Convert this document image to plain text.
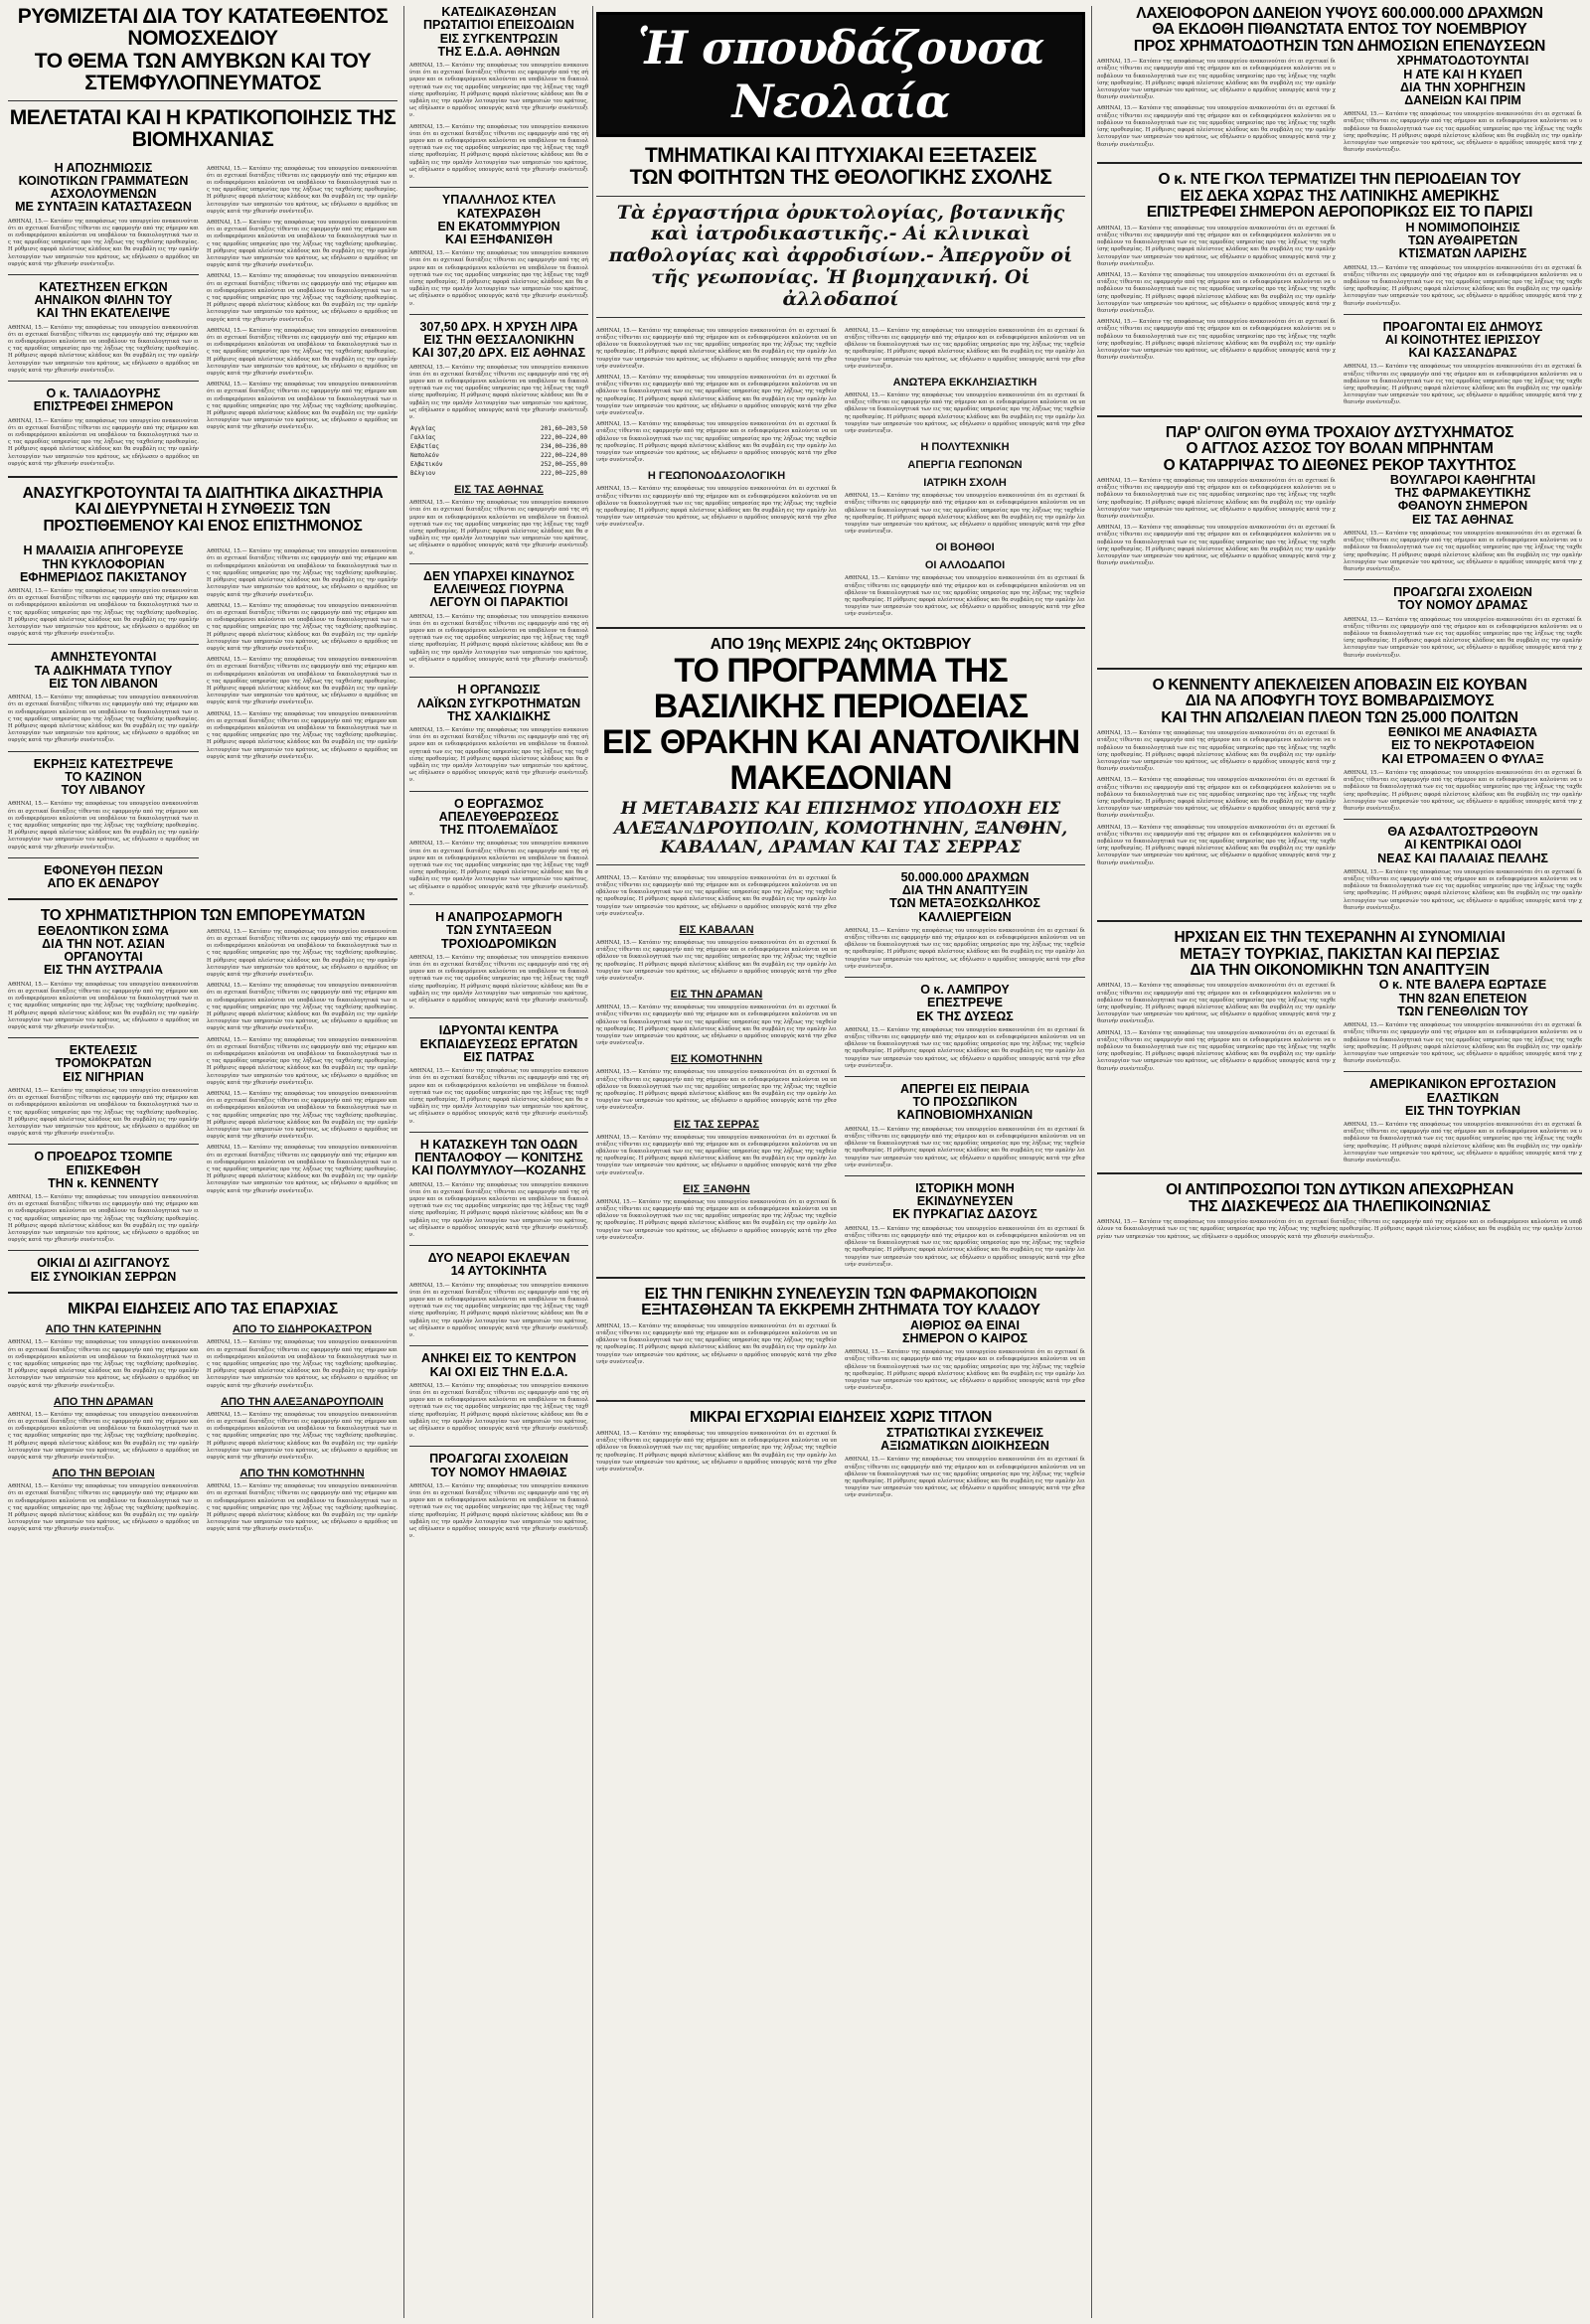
ΡΥΘΜΙΖΕΤΑΙ ΔΙΑ ΤΟΥ ΚΑΤΑΤΕΘΕΝΤΟΣ ΝΟΜΟΣΧΕΔΙΟΥ

ΤΟ ΘΕΜΑ ΤΩΝ ΑΜΥΒΚΩΝ ΚΑΙ ΤΟΥ ΣΤΕΜΦΥΛΟΠΝΕΥΜΑΤΟΣ

ΜΕΛΕΤΑΤΑΙ ΚΑΙ Η ΚΡΑΤΙΚΟΠΟΙΗΣΙΣ ΤΗΣ ΒΙΟΜΗΧΑΝΙΑΣ

Η ΑΠΟΖΗΜΙΩΣΙΣ

ΚΟΙΝΟΤΙΚΩΝ ΓΡΑΜΜΑΤΕΩΝ

ΑΣΧΟΛΟΥΜΕΝΩΝ

ΜΕ ΣΥΝΤΑΞΙΝ ΚΑΤΑΣΤΑΣΕΩΝ

ΑΘΗΝΑΙ, 15.— Κατόπιν της αποφάσεως του υπουργείου ανακοινούται ότι αι σχετικαί διατάξεις τίθενται εις εφαρμογήν από της σήμερον και οι ενδιαφερόμενοι καλούνται να υποβάλουν τα δικαιολογητικά των εις τας αρμοδίας υπηρεσίας προ της λήξεως της ταχθείσης προθεσμίας. Η ρύθμισις αφορά πλείστους κλάδους και θα συμβάλη εις την ομαλήν λειτουργίαν των υπηρεσιών του κράτους, ως εδήλωσεν ο αρμόδιος υπουργός κατά την χθεσινήν συνέντευξιν.

ΚΑΤΕΣΤΗΣΕΝ ΕΓΚΩΝ

ΑΗΝΑΙΚΟΝ ΦΙΛΗΝ ΤΟΥ

ΚΑΙ ΤΗΝ ΕΚΑΤΕΛΕΙΨΕ

ΑΘΗΝΑΙ, 15.— Κατόπιν της αποφάσεως του υπουργείου ανακοινούται ότι αι σχετικαί διατάξεις τίθενται εις εφαρμογήν από της σήμερον και οι ενδιαφερόμενοι καλούνται να υποβάλουν τα δικαιολογητικά των εις τας αρμοδίας υπηρεσίας προ της λήξεως της ταχθείσης προθεσμίας. Η ρύθμισις αφορά πλείστους κλάδους και θα συμβάλη εις την ομαλήν λειτουργίαν των υπηρεσιών του κράτους, ως εδήλωσεν ο αρμόδιος υπουργός κατά την χθεσινήν συνέντευξιν.

Ο κ. ΤΑΛΙΑΔΟΥΡΗΣ

ΕΠΙΣΤΡΕΦΕΙ ΣΗΜΕΡΟΝ

ΑΘΗΝΑΙ, 15.— Κατόπιν της αποφάσεως του υπουργείου ανακοινούται ότι αι σχετικαί διατάξεις τίθενται εις εφαρμογήν από της σήμερον και οι ενδιαφερόμενοι καλούνται να υποβάλουν τα δικαιολογητικά των εις τας αρμοδίας υπηρεσίας προ της λήξεως της ταχθείσης προθεσμίας. Η ρύθμισις αφορά πλείστους κλάδους και θα συμβάλη εις την ομαλήν λειτουργίαν των υπηρεσιών του κράτους, ως εδήλωσεν ο αρμόδιος υπουργός κατά την χθεσινήν συνέντευξιν.

ΑΘΗΝΑΙ, 15.— Κατόπιν της αποφάσεως του υπουργείου ανακοινούται ότι αι σχετικαί διατάξεις τίθενται εις εφαρμογήν από της σήμερον και οι ενδιαφερόμενοι καλούνται να υποβάλουν τα δικαιολογητικά των εις τας αρμοδίας υπηρεσίας προ της λήξεως της ταχθείσης προθεσμίας. Η ρύθμισις αφορά πλείστους κλάδους και θα συμβάλη εις την ομαλήν λειτουργίαν των υπηρεσιών του κράτους, ως εδήλωσεν ο αρμόδιος υπουργός κατά την χθεσινήν συνέντευξιν.

ΑΘΗΝΑΙ, 15.— Κατόπιν της αποφάσεως του υπουργείου ανακοινούται ότι αι σχετικαί διατάξεις τίθενται εις εφαρμογήν από της σήμερον και οι ενδιαφερόμενοι καλούνται να υποβάλουν τα δικαιολογητικά των εις τας αρμοδίας υπηρεσίας προ της λήξεως της ταχθείσης προθεσμίας. Η ρύθμισις αφορά πλείστους κλάδους και θα συμβάλη εις την ομαλήν λειτουργίαν των υπηρεσιών του κράτους, ως εδήλωσεν ο αρμόδιος υπουργός κατά την χθεσινήν συνέντευξιν.

ΑΘΗΝΑΙ, 15.— Κατόπιν της αποφάσεως του υπουργείου ανακοινούται ότι αι σχετικαί διατάξεις τίθενται εις εφαρμογήν από της σήμερον και οι ενδιαφερόμενοι καλούνται να υποβάλουν τα δικαιολογητικά των εις τας αρμοδίας υπηρεσίας προ της λήξεως της ταχθείσης προθεσμίας. Η ρύθμισις αφορά πλείστους κλάδους και θα συμβάλη εις την ομαλήν λειτουργίαν των υπηρεσιών του κράτους, ως εδήλωσεν ο αρμόδιος υπουργός κατά την χθεσινήν συνέντευξιν.

ΑΘΗΝΑΙ, 15.— Κατόπιν της αποφάσεως του υπουργείου ανακοινούται ότι αι σχετικαί διατάξεις τίθενται εις εφαρμογήν από της σήμερον και οι ενδιαφερόμενοι καλούνται να υποβάλουν τα δικαιολογητικά των εις τας αρμοδίας υπηρεσίας προ της λήξεως της ταχθείσης προθεσμίας. Η ρύθμισις αφορά πλείστους κλάδους και θα συμβάλη εις την ομαλήν λειτουργίαν των υπηρεσιών του κράτους, ως εδήλωσεν ο αρμόδιος υπουργός κατά την χθεσινήν συνέντευξιν.

ΑΘΗΝΑΙ, 15.— Κατόπιν της αποφάσεως του υπουργείου ανακοινούται ότι αι σχετικαί διατάξεις τίθενται εις εφαρμογήν από της σήμερον και οι ενδιαφερόμενοι καλούνται να υποβάλουν τα δικαιολογητικά των εις τας αρμοδίας υπηρεσίας προ της λήξεως της ταχθείσης προθεσμίας. Η ρύθμισις αφορά πλείστους κλάδους και θα συμβάλη εις την ομαλήν λειτουργίαν των υπηρεσιών του κράτους, ως εδήλωσεν ο αρμόδιος υπουργός κατά την χθεσινήν συνέντευξιν.

ΑΝΑΣΥΓΚΡΟΤΟΥΝΤΑΙ ΤΑ ΔΙΑΙΤΗΤΙΚΑ ΔΙΚΑΣΤΗΡΙΑ

ΚΑΙ ΔΙΕΥΡΥΝΕΤΑΙ Η ΣΥΝΘΕΣΙΣ ΤΩΝ

ΠΡΟΣΤΙΘΕΜΕΝΟΥ ΚΑΙ ΕΝΟΣ ΕΠΙΣΤΗΜΟΝΟΣ

Η ΜΑΛΑΙΣΙΑ ΑΠΗΓΟΡΕΥΣΕ

ΤΗΝ ΚΥΚΛΟΦΟΡΙΑΝ

ΕΦΗΜΕΡΙΔΟΣ ΠΑΚΙΣΤΑΝΟΥ

ΑΘΗΝΑΙ, 15.— Κατόπιν της αποφάσεως του υπουργείου ανακοινούται ότι αι σχετικαί διατάξεις τίθενται εις εφαρμογήν από της σήμερον και οι ενδιαφερόμενοι καλούνται να υποβάλουν τα δικαιολογητικά των εις τας αρμοδίας υπηρεσίας προ της λήξεως της ταχθείσης προθεσμίας. Η ρύθμισις αφορά πλείστους κλάδους και θα συμβάλη εις την ομαλήν λειτουργίαν των υπηρεσιών του κράτους, ως εδήλωσεν ο αρμόδιος υπουργός κατά την χθεσινήν συνέντευξιν.

ΑΜΝΗΣΤΕΥΟΝΤΑΙ

ΤΑ ΑΔΙΚΗΜΑΤΑ ΤΥΠΟΥ

ΕΙΣ ΤΟΝ ΛΙΒΑΝΟΝ

ΑΘΗΝΑΙ, 15.— Κατόπιν της αποφάσεως του υπουργείου ανακοινούται ότι αι σχετικαί διατάξεις τίθενται εις εφαρμογήν από της σήμερον και οι ενδιαφερόμενοι καλούνται να υποβάλουν τα δικαιολογητικά των εις τας αρμοδίας υπηρεσίας προ της λήξεως της ταχθείσης προθεσμίας. Η ρύθμισις αφορά πλείστους κλάδους και θα συμβάλη εις την ομαλήν λειτουργίαν των υπηρεσιών του κράτους, ως εδήλωσεν ο αρμόδιος υπουργός κατά την χθεσινήν συνέντευξιν.

ΕΚΡΗΞΙΣ ΚΑΤΕΣΤΡΕΨΕ

ΤΟ ΚΑΖΙΝΟΝ

ΤΟΥ ΛΙΒΑΝΟΥ

ΑΘΗΝΑΙ, 15.— Κατόπιν της αποφάσεως του υπουργείου ανακοινούται ότι αι σχετικαί διατάξεις τίθενται εις εφαρμογήν από της σήμερον και οι ενδιαφερόμενοι καλούνται να υποβάλουν τα δικαιολογητικά των εις τας αρμοδίας υπηρεσίας προ της λήξεως της ταχθείσης προθεσμίας. Η ρύθμισις αφορά πλείστους κλάδους και θα συμβάλη εις την ομαλήν λειτουργίαν των υπηρεσιών του κράτους, ως εδήλωσεν ο αρμόδιος υπουργός κατά την χθεσινήν συνέντευξιν.

ΕΦΟΝΕΥΘΗ ΠΕΣΩΝ

ΑΠΟ ΕΚ ΔΕΝΔΡΟΥ

ΑΘΗΝΑΙ, 15.— Κατόπιν της αποφάσεως του υπουργείου ανακοινούται ότι αι σχετικαί διατάξεις τίθενται εις εφαρμογήν από της σήμερον και οι ενδιαφερόμενοι καλούνται να υποβάλουν τα δικαιολογητικά των εις τας αρμοδίας υπηρεσίας προ της λήξεως της ταχθείσης προθεσμίας. Η ρύθμισις αφορά πλείστους κλάδους και θα συμβάλη εις την ομαλήν λειτουργίαν των υπηρεσιών του κράτους, ως εδήλωσεν ο αρμόδιος υπουργός κατά την χθεσινήν συνέντευξιν.

ΑΘΗΝΑΙ, 15.— Κατόπιν της αποφάσεως του υπουργείου ανακοινούται ότι αι σχετικαί διατάξεις τίθενται εις εφαρμογήν από της σήμερον και οι ενδιαφερόμενοι καλούνται να υποβάλουν τα δικαιολογητικά των εις τας αρμοδίας υπηρεσίας προ της λήξεως της ταχθείσης προθεσμίας. Η ρύθμισις αφορά πλείστους κλάδους και θα συμβάλη εις την ομαλήν λειτουργίαν των υπηρεσιών του κράτους, ως εδήλωσεν ο αρμόδιος υπουργός κατά την χθεσινήν συνέντευξιν.

ΑΘΗΝΑΙ, 15.— Κατόπιν της αποφάσεως του υπουργείου ανακοινούται ότι αι σχετικαί διατάξεις τίθενται εις εφαρμογήν από της σήμερον και οι ενδιαφερόμενοι καλούνται να υποβάλουν τα δικαιολογητικά των εις τας αρμοδίας υπηρεσίας προ της λήξεως της ταχθείσης προθεσμίας. Η ρύθμισις αφορά πλείστους κλάδους και θα συμβάλη εις την ομαλήν λειτουργίαν των υπηρεσιών του κράτους, ως εδήλωσεν ο αρμόδιος υπουργός κατά την χθεσινήν συνέντευξιν.

ΑΘΗΝΑΙ, 15.— Κατόπιν της αποφάσεως του υπουργείου ανακοινούται ότι αι σχετικαί διατάξεις τίθενται εις εφαρμογήν από της σήμερον και οι ενδιαφερόμενοι καλούνται να υποβάλουν τα δικαιολογητικά των εις τας αρμοδίας υπηρεσίας προ της λήξεως της ταχθείσης προθεσμίας. Η ρύθμισις αφορά πλείστους κλάδους και θα συμβάλη εις την ομαλήν λειτουργίαν των υπηρεσιών του κράτους, ως εδήλωσεν ο αρμόδιος υπουργός κατά την χθεσινήν συνέντευξιν.

ΤΟ ΧΡΗΜΑΤΙΣΤΗΡΙΟΝ ΤΩΝ ΕΜΠΟΡΕΥΜΑΤΩΝ

ΕΘΕΛΟΝΤΙΚΟΝ ΣΩΜΑ

ΔΙΑ ΤΗΝ ΝΟΤ. ΑΣΙΑΝ

ΟΡΓΑΝΟΥΤΑΙ

ΕΙΣ ΤΗΝ ΑΥΣΤΡΑΛΙΑ

ΑΘΗΝΑΙ, 15.— Κατόπιν της αποφάσεως του υπουργείου ανακοινούται ότι αι σχετικαί διατάξεις τίθενται εις εφαρμογήν από της σήμερον και οι ενδιαφερόμενοι καλούνται να υποβάλουν τα δικαιολογητικά των εις τας αρμοδίας υπηρεσίας προ της λήξεως της ταχθείσης προθεσμίας. Η ρύθμισις αφορά πλείστους κλάδους και θα συμβάλη εις την ομαλήν λειτουργίαν των υπηρεσιών του κράτους, ως εδήλωσεν ο αρμόδιος υπουργός κατά την χθεσινήν συνέντευξιν.

ΕΚΤΕΛΕΣΙΣ

ΤΡΟΜΟΚΡΑΤΩΝ

ΕΙΣ ΝΙΓΗΡΙΑΝ

ΑΘΗΝΑΙ, 15.— Κατόπιν της αποφάσεως του υπουργείου ανακοινούται ότι αι σχετικαί διατάξεις τίθενται εις εφαρμογήν από της σήμερον και οι ενδιαφερόμενοι καλούνται να υποβάλουν τα δικαιολογητικά των εις τας αρμοδίας υπηρεσίας προ της λήξεως της ταχθείσης προθεσμίας. Η ρύθμισις αφορά πλείστους κλάδους και θα συμβάλη εις την ομαλήν λειτουργίαν των υπηρεσιών του κράτους, ως εδήλωσεν ο αρμόδιος υπουργός κατά την χθεσινήν συνέντευξιν.

Ο ΠΡΟΕΔΡΟΣ ΤΣΟΜΠΕ

ΕΠΙΣΚΕΦΘΗ

ΤΗΝ κ. ΚΕΝΝΕΝΤΥ

ΑΘΗΝΑΙ, 15.— Κατόπιν της αποφάσεως του υπουργείου ανακοινούται ότι αι σχετικαί διατάξεις τίθενται εις εφαρμογήν από της σήμερον και οι ενδιαφερόμενοι καλούνται να υποβάλουν τα δικαιολογητικά των εις τας αρμοδίας υπηρεσίας προ της λήξεως της ταχθείσης προθεσμίας. Η ρύθμισις αφορά πλείστους κλάδους και θα συμβάλη εις την ομαλήν λειτουργίαν των υπηρεσιών του κράτους, ως εδήλωσεν ο αρμόδιος υπουργός κατά την χθεσινήν συνέντευξιν.

ΟΙΚΙΑΙ ΔΙ ΑΣΙΓΓΑΝΟΥΣ

ΕΙΣ ΣΥΝΟΙΚΙΑΝ ΣΕΡΡΩΝ

ΑΘΗΝΑΙ, 15.— Κατόπιν της αποφάσεως του υπουργείου ανακοινούται ότι αι σχετικαί διατάξεις τίθενται εις εφαρμογήν από της σήμερον και οι ενδιαφερόμενοι καλούνται να υποβάλουν τα δικαιολογητικά των εις τας αρμοδίας υπηρεσίας προ της λήξεως της ταχθείσης προθεσμίας. Η ρύθμισις αφορά πλείστους κλάδους και θα συμβάλη εις την ομαλήν λειτουργίαν των υπηρεσιών του κράτους, ως εδήλωσεν ο αρμόδιος υπουργός κατά την χθεσινήν συνέντευξιν.

ΑΘΗΝΑΙ, 15.— Κατόπιν της αποφάσεως του υπουργείου ανακοινούται ότι αι σχετικαί διατάξεις τίθενται εις εφαρμογήν από της σήμερον και οι ενδιαφερόμενοι καλούνται να υποβάλουν τα δικαιολογητικά των εις τας αρμοδίας υπηρεσίας προ της λήξεως της ταχθείσης προθεσμίας. Η ρύθμισις αφορά πλείστους κλάδους και θα συμβάλη εις την ομαλήν λειτουργίαν των υπηρεσιών του κράτους, ως εδήλωσεν ο αρμόδιος υπουργός κατά την χθεσινήν συνέντευξιν.

ΑΘΗΝΑΙ, 15.— Κατόπιν της αποφάσεως του υπουργείου ανακοινούται ότι αι σχετικαί διατάξεις τίθενται εις εφαρμογήν από της σήμερον και οι ενδιαφερόμενοι καλούνται να υποβάλουν τα δικαιολογητικά των εις τας αρμοδίας υπηρεσίας προ της λήξεως της ταχθείσης προθεσμίας. Η ρύθμισις αφορά πλείστους κλάδους και θα συμβάλη εις την ομαλήν λειτουργίαν των υπηρεσιών του κράτους, ως εδήλωσεν ο αρμόδιος υπουργός κατά την χθεσινήν συνέντευξιν.

ΑΘΗΝΑΙ, 15.— Κατόπιν της αποφάσεως του υπουργείου ανακοινούται ότι αι σχετικαί διατάξεις τίθενται εις εφαρμογήν από της σήμερον και οι ενδιαφερόμενοι καλούνται να υποβάλουν τα δικαιολογητικά των εις τας αρμοδίας υπηρεσίας προ της λήξεως της ταχθείσης προθεσμίας. Η ρύθμισις αφορά πλείστους κλάδους και θα συμβάλη εις την ομαλήν λειτουργίαν των υπηρεσιών του κράτους, ως εδήλωσεν ο αρμόδιος υπουργός κατά την χθεσινήν συνέντευξιν.

ΑΘΗΝΑΙ, 15.— Κατόπιν της αποφάσεως του υπουργείου ανακοινούται ότι αι σχετικαί διατάξεις τίθενται εις εφαρμογήν από της σήμερον και οι ενδιαφερόμενοι καλούνται να υποβάλουν τα δικαιολογητικά των εις τας αρμοδίας υπηρεσίας προ της λήξεως της ταχθείσης προθεσμίας. Η ρύθμισις αφορά πλείστους κλάδους και θα συμβάλη εις την ομαλήν λειτουργίαν των υπηρεσιών του κράτους, ως εδήλωσεν ο αρμόδιος υπουργός κατά την χθεσινήν συνέντευξιν.

ΜΙΚΡΑΙ ΕΙΔΗΣΕΙΣ ΑΠΟ ΤΑΣ ΕΠΑΡΧΙΑΣ

ΑΠΟ ΤΗΝ ΚΑΤΕΡΙΝΗΝ

ΑΘΗΝΑΙ, 15.— Κατόπιν της αποφάσεως του υπουργείου ανακοινούται ότι αι σχετικαί διατάξεις τίθενται εις εφαρμογήν από της σήμερον και οι ενδιαφερόμενοι καλούνται να υποβάλουν τα δικαιολογητικά των εις τας αρμοδίας υπηρεσίας προ της λήξεως της ταχθείσης προθεσμίας. Η ρύθμισις αφορά πλείστους κλάδους και θα συμβάλη εις την ομαλήν λειτουργίαν των υπηρεσιών του κράτους, ως εδήλωσεν ο αρμόδιος υπουργός κατά την χθεσινήν συνέντευξιν.

ΑΠΟ ΤΗΝ ΔΡΑΜΑΝ

ΑΘΗΝΑΙ, 15.— Κατόπιν της αποφάσεως του υπουργείου ανακοινούται ότι αι σχετικαί διατάξεις τίθενται εις εφαρμογήν από της σήμερον και οι ενδιαφερόμενοι καλούνται να υποβάλουν τα δικαιολογητικά των εις τας αρμοδίας υπηρεσίας προ της λήξεως της ταχθείσης προθεσμίας. Η ρύθμισις αφορά πλείστους κλάδους και θα συμβάλη εις την ομαλήν λειτουργίαν των υπηρεσιών του κράτους, ως εδήλωσεν ο αρμόδιος υπουργός κατά την χθεσινήν συνέντευξιν.

ΑΠΟ ΤΗΝ ΒΕΡΟΙΑΝ

ΑΘΗΝΑΙ, 15.— Κατόπιν της αποφάσεως του υπουργείου ανακοινούται ότι αι σχετικαί διατάξεις τίθενται εις εφαρμογήν από της σήμερον και οι ενδιαφερόμενοι καλούνται να υποβάλουν τα δικαιολογητικά των εις τας αρμοδίας υπηρεσίας προ της λήξεως της ταχθείσης προθεσμίας. Η ρύθμισις αφορά πλείστους κλάδους και θα συμβάλη εις την ομαλήν λειτουργίαν των υπηρεσιών του κράτους, ως εδήλωσεν ο αρμόδιος υπουργός κατά την χθεσινήν συνέντευξιν.

ΑΠΟ ΤΟ ΣΙΔΗΡΟΚΑΣΤΡΟΝ

ΑΘΗΝΑΙ, 15.— Κατόπιν της αποφάσεως του υπουργείου ανακοινούται ότι αι σχετικαί διατάξεις τίθενται εις εφαρμογήν από της σήμερον και οι ενδιαφερόμενοι καλούνται να υποβάλουν τα δικαιολογητικά των εις τας αρμοδίας υπηρεσίας προ της λήξεως της ταχθείσης προθεσμίας. Η ρύθμισις αφορά πλείστους κλάδους και θα συμβάλη εις την ομαλήν λειτουργίαν των υπηρεσιών του κράτους, ως εδήλωσεν ο αρμόδιος υπουργός κατά την χθεσινήν συνέντευξιν.

ΑΠΟ ΤΗΝ ΑΛΕΞΑΝΔΡΟΥΠΟΛΙΝ

ΑΘΗΝΑΙ, 15.— Κατόπιν της αποφάσεως του υπουργείου ανακοινούται ότι αι σχετικαί διατάξεις τίθενται εις εφαρμογήν από της σήμερον και οι ενδιαφερόμενοι καλούνται να υποβάλουν τα δικαιολογητικά των εις τας αρμοδίας υπηρεσίας προ της λήξεως της ταχθείσης προθεσμίας. Η ρύθμισις αφορά πλείστους κλάδους και θα συμβάλη εις την ομαλήν λειτουργίαν των υπηρεσιών του κράτους, ως εδήλωσεν ο αρμόδιος υπουργός κατά την χθεσινήν συνέντευξιν.

ΑΠΟ ΤΗΝ ΚΟΜΟΤΗΝΗΝ

ΑΘΗΝΑΙ, 15.— Κατόπιν της αποφάσεως του υπουργείου ανακοινούται ότι αι σχετικαί διατάξεις τίθενται εις εφαρμογήν από της σήμερον και οι ενδιαφερόμενοι καλούνται να υποβάλουν τα δικαιολογητικά των εις τας αρμοδίας υπηρεσίας προ της λήξεως της ταχθείσης προθεσμίας. Η ρύθμισις αφορά πλείστους κλάδους και θα συμβάλη εις την ομαλήν λειτουργίαν των υπηρεσιών του κράτους, ως εδήλωσεν ο αρμόδιος υπουργός κατά την χθεσινήν συνέντευξιν.

ΚΑΤΕΔΙΚΑΣΘΗΣΑΝ

ΠΡΩΤΑΙΤΙΟΙ ΕΠΕΙΣΟΔΙΩΝ

ΕΙΣ ΣΥΓΚΕΝΤΡΩΣΙΝ

ΤΗΣ Ε.Δ.Α. ΑΘΗΝΩΝ

ΑΘΗΝΑΙ, 15.— Κατόπιν της αποφάσεως του υπουργείου ανακοινούται ότι αι σχετικαί διατάξεις τίθενται εις εφαρμογήν από της σήμερον και οι ενδιαφερόμενοι καλούνται να υποβάλουν τα δικαιολογητικά των εις τας αρμοδίας υπηρεσίας προ της λήξεως της ταχθείσης προθεσμίας. Η ρύθμισις αφορά πλείστους κλάδους και θα συμβάλη εις την ομαλήν λειτουργίαν των υπηρεσιών του κράτους, ως εδήλωσεν ο αρμόδιος υπουργός κατά την χθεσινήν συνέντευξιν.

ΑΘΗΝΑΙ, 15.— Κατόπιν της αποφάσεως του υπουργείου ανακοινούται ότι αι σχετικαί διατάξεις τίθενται εις εφαρμογήν από της σήμερον και οι ενδιαφερόμενοι καλούνται να υποβάλουν τα δικαιολογητικά των εις τας αρμοδίας υπηρεσίας προ της λήξεως της ταχθείσης προθεσμίας. Η ρύθμισις αφορά πλείστους κλάδους και θα συμβάλη εις την ομαλήν λειτουργίαν των υπηρεσιών του κράτους, ως εδήλωσεν ο αρμόδιος υπουργός κατά την χθεσινήν συνέντευξιν.

ΥΠΑΛΛΗΛΟΣ ΚΤΕΛ

ΚΑΤΕΧΡΑΣΘΗ

ΕΝ ΕΚΑΤΟΜΜΥΡΙΟΝ

ΚΑΙ ΕΞΗΦΑΝΙΣΘΗ

ΑΘΗΝΑΙ, 15.— Κατόπιν της αποφάσεως του υπουργείου ανακοινούται ότι αι σχετικαί διατάξεις τίθενται εις εφαρμογήν από της σήμερον και οι ενδιαφερόμενοι καλούνται να υποβάλουν τα δικαιολογητικά των εις τας αρμοδίας υπηρεσίας προ της λήξεως της ταχθείσης προθεσμίας. Η ρύθμισις αφορά πλείστους κλάδους και θα συμβάλη εις την ομαλήν λειτουργίαν των υπηρεσιών του κράτους, ως εδήλωσεν ο αρμόδιος υπουργός κατά την χθεσινήν συνέντευξιν.

307,50 ΔΡΧ. Η ΧΡΥΣΗ ΛΙΡΑ

ΕΙΣ ΤΗΝ ΘΕΣΣΑΛΟΝΙΚΗΝ

ΚΑΙ 307,20 ΔΡΧ. ΕΙΣ ΑΘΗΝΑΣ

ΑΘΗΝΑΙ, 15.— Κατόπιν της αποφάσεως του υπουργείου ανακοινούται ότι αι σχετικαί διατάξεις τίθενται εις εφαρμογήν από της σήμερον και οι ενδιαφερόμενοι καλούνται να υποβάλουν τα δικαιολογητικά των εις τας αρμοδίας υπηρεσίας προ της λήξεως της ταχθείσης προθεσμίας. Η ρύθμισις αφορά πλείστους κλάδους και θα συμβάλη εις την ομαλήν λειτουργίαν των υπηρεσιών του κράτους, ως εδήλωσεν ο αρμόδιος υπουργός κατά την χθεσινήν συνέντευξιν.

Αγγλίας	201,60—203,50
Γαλλίας	222,00—224,00
Ελβετίας	234,00—236,00
Ναπολεόν	222,00—224,00
Ελβετικόν	252,00—255,00
Βέλγιον	222,00—225,00

ΕΙΣ ΤΑΣ ΑΘΗΝΑΣ

ΑΘΗΝΑΙ, 15.— Κατόπιν της αποφάσεως του υπουργείου ανακοινούται ότι αι σχετικαί διατάξεις τίθενται εις εφαρμογήν από της σήμερον και οι ενδιαφερόμενοι καλούνται να υποβάλουν τα δικαιολογητικά των εις τας αρμοδίας υπηρεσίας προ της λήξεως της ταχθείσης προθεσμίας. Η ρύθμισις αφορά πλείστους κλάδους και θα συμβάλη εις την ομαλήν λειτουργίαν των υπηρεσιών του κράτους, ως εδήλωσεν ο αρμόδιος υπουργός κατά την χθεσινήν συνέντευξιν.

ΔΕΝ ΥΠΑΡΧΕΙ ΚΙΝΔΥΝΟΣ

ΕΛΛΕΙΨΕΩΣ ΓΙΟΥΡΝΑ

ΛΕΓΟΥΝ ΟΙ ΠΑΡΑΚΤΙΟΙ

ΑΘΗΝΑΙ, 15.— Κατόπιν της αποφάσεως του υπουργείου ανακοινούται ότι αι σχετικαί διατάξεις τίθενται εις εφαρμογήν από της σήμερον και οι ενδιαφερόμενοι καλούνται να υποβάλουν τα δικαιολογητικά των εις τας αρμοδίας υπηρεσίας προ της λήξεως της ταχθείσης προθεσμίας. Η ρύθμισις αφορά πλείστους κλάδους και θα συμβάλη εις την ομαλήν λειτουργίαν των υπηρεσιών του κράτους, ως εδήλωσεν ο αρμόδιος υπουργός κατά την χθεσινήν συνέντευξιν.

Η ΟΡΓΑΝΩΣΙΣ

ΛΑΪΚΩΝ ΣΥΓΚΡΟΤΗΜΑΤΩΝ

ΤΗΣ ΧΑΛΚΙΔΙΚΗΣ

ΑΘΗΝΑΙ, 15.— Κατόπιν της αποφάσεως του υπουργείου ανακοινούται ότι αι σχετικαί διατάξεις τίθενται εις εφαρμογήν από της σήμερον και οι ενδιαφερόμενοι καλούνται να υποβάλουν τα δικαιολογητικά των εις τας αρμοδίας υπηρεσίας προ της λήξεως της ταχθείσης προθεσμίας. Η ρύθμισις αφορά πλείστους κλάδους και θα συμβάλη εις την ομαλήν λειτουργίαν των υπηρεσιών του κράτους, ως εδήλωσεν ο αρμόδιος υπουργός κατά την χθεσινήν συνέντευξιν.

Ο ΕΟΡΓΑΣΜΟΣ

ΑΠΕΛΕΥΘΕΡΩΣΕΩΣ

ΤΗΣ ΠΤΟΛΕΜΑΪΔΟΣ

ΑΘΗΝΑΙ, 15.— Κατόπιν της αποφάσεως του υπουργείου ανακοινούται ότι αι σχετικαί διατάξεις τίθενται εις εφαρμογήν από της σήμερον και οι ενδιαφερόμενοι καλούνται να υποβάλουν τα δικαιολογητικά των εις τας αρμοδίας υπηρεσίας προ της λήξεως της ταχθείσης προθεσμίας. Η ρύθμισις αφορά πλείστους κλάδους και θα συμβάλη εις την ομαλήν λειτουργίαν των υπηρεσιών του κράτους, ως εδήλωσεν ο αρμόδιος υπουργός κατά την χθεσινήν συνέντευξιν.

Η ΑΝΑΠΡΟΣΑΡΜΟΓΗ

ΤΩΝ ΣΥΝΤΑΞΕΩΝ

ΤΡΟΧΙΟΔΡΟΜΙΚΩΝ

ΑΘΗΝΑΙ, 15.— Κατόπιν της αποφάσεως του υπουργείου ανακοινούται ότι αι σχετικαί διατάξεις τίθενται εις εφαρμογήν από της σήμερον και οι ενδιαφερόμενοι καλούνται να υποβάλουν τα δικαιολογητικά των εις τας αρμοδίας υπηρεσίας προ της λήξεως της ταχθείσης προθεσμίας. Η ρύθμισις αφορά πλείστους κλάδους και θα συμβάλη εις την ομαλήν λειτουργίαν των υπηρεσιών του κράτους, ως εδήλωσεν ο αρμόδιος υπουργός κατά την χθεσινήν συνέντευξιν.

ΙΔΡΥΟΝΤΑΙ ΚΕΝΤΡΑ

ΕΚΠΑΙΔΕΥΣΕΩΣ ΕΡΓΑΤΩΝ

ΕΙΣ ΠΑΤΡΑΣ

ΑΘΗΝΑΙ, 15.— Κατόπιν της αποφάσεως του υπουργείου ανακοινούται ότι αι σχετικαί διατάξεις τίθενται εις εφαρμογήν από της σήμερον και οι ενδιαφερόμενοι καλούνται να υποβάλουν τα δικαιολογητικά των εις τας αρμοδίας υπηρεσίας προ της λήξεως της ταχθείσης προθεσμίας. Η ρύθμισις αφορά πλείστους κλάδους και θα συμβάλη εις την ομαλήν λειτουργίαν των υπηρεσιών του κράτους, ως εδήλωσεν ο αρμόδιος υπουργός κατά την χθεσινήν συνέντευξιν.

Η ΚΑΤΑΣΚΕΥΗ ΤΩΝ ΟΔΩΝ

ΠΕΝΤΑΛΟΦΟΥ — ΚΟΝΙΤΣΗΣ

ΚΑΙ ΠΟΛΥΜΥΛΟΥ—ΚΟΖΑΝΗΣ

ΑΘΗΝΑΙ, 15.— Κατόπιν της αποφάσεως του υπουργείου ανακοινούται ότι αι σχετικαί διατάξεις τίθενται εις εφαρμογήν από της σήμερον και οι ενδιαφερόμενοι καλούνται να υποβάλουν τα δικαιολογητικά των εις τας αρμοδίας υπηρεσίας προ της λήξεως της ταχθείσης προθεσμίας. Η ρύθμισις αφορά πλείστους κλάδους και θα συμβάλη εις την ομαλήν λειτουργίαν των υπηρεσιών του κράτους, ως εδήλωσεν ο αρμόδιος υπουργός κατά την χθεσινήν συνέντευξιν.

ΔΥΟ ΝΕΑΡΟΙ ΕΚΛΕΨΑΝ

14 ΑΥΤΟΚΙΝΗΤΑ

ΑΘΗΝΑΙ, 15.— Κατόπιν της αποφάσεως του υπουργείου ανακοινούται ότι αι σχετικαί διατάξεις τίθενται εις εφαρμογήν από της σήμερον και οι ενδιαφερόμενοι καλούνται να υποβάλουν τα δικαιολογητικά των εις τας αρμοδίας υπηρεσίας προ της λήξεως της ταχθείσης προθεσμίας. Η ρύθμισις αφορά πλείστους κλάδους και θα συμβάλη εις την ομαλήν λειτουργίαν των υπηρεσιών του κράτους, ως εδήλωσεν ο αρμόδιος υπουργός κατά την χθεσινήν συνέντευξιν.

ΑΝΗΚΕΙ ΕΙΣ ΤΟ ΚΕΝΤΡΟΝ

ΚΑΙ ΟΧΙ ΕΙΣ ΤΗΝ Ε.Δ.Α.

ΑΘΗΝΑΙ, 15.— Κατόπιν της αποφάσεως του υπουργείου ανακοινούται ότι αι σχετικαί διατάξεις τίθενται εις εφαρμογήν από της σήμερον και οι ενδιαφερόμενοι καλούνται να υποβάλουν τα δικαιολογητικά των εις τας αρμοδίας υπηρεσίας προ της λήξεως της ταχθείσης προθεσμίας. Η ρύθμισις αφορά πλείστους κλάδους και θα συμβάλη εις την ομαλήν λειτουργίαν των υπηρεσιών του κράτους, ως εδήλωσεν ο αρμόδιος υπουργός κατά την χθεσινήν συνέντευξιν.

ΠΡΟΑΓΩΓΑΙ ΣΧΟΛΕΙΩΝ

ΤΟΥ ΝΟΜΟΥ ΗΜΑΘΙΑΣ

ΑΘΗΝΑΙ, 15.— Κατόπιν της αποφάσεως του υπουργείου ανακοινούται ότι αι σχετικαί διατάξεις τίθενται εις εφαρμογήν από της σήμερον και οι ενδιαφερόμενοι καλούνται να υποβάλουν τα δικαιολογητικά των εις τας αρμοδίας υπηρεσίας προ της λήξεως της ταχθείσης προθεσμίας. Η ρύθμισις αφορά πλείστους κλάδους και θα συμβάλη εις την ομαλήν λειτουργίαν των υπηρεσιών του κράτους, ως εδήλωσεν ο αρμόδιος υπουργός κατά την χθεσινήν συνέντευξιν.

Ἡ σπουδάζουσα Νεολαία

ΤΜΗΜΑΤΙΚΑΙ ΚΑΙ ΠΤΥΧΙΑΚΑΙ ΕΞΕΤΑΣΕΙΣ

ΤΩΝ ΦΟΙΤΗΤΩΝ ΤΗΣ ΘΕΟΛΟΓΙΚΗΣ ΣΧΟΛΗΣ

Τὰ ἐργαστήρια ὀρυκτολογίας, βοτανικῆς καὶ ἰατροδικαστικῆς.- Αἱ κλινικαὶ παθολογίας καὶ ἀφροδισίων.- Ἀπεργοῦν οἱ τῆς γεωπονίας. Ἡ βιομηχανική. Οἱ ἀλλοδαποί

ΑΘΗΝΑΙ, 15.— Κατόπιν της αποφάσεως του υπουργείου ανακοινούται ότι αι σχετικαί διατάξεις τίθενται εις εφαρμογήν από της σήμερον και οι ενδιαφερόμενοι καλούνται να υποβάλουν τα δικαιολογητικά των εις τας αρμοδίας υπηρεσίας προ της λήξεως της ταχθείσης προθεσμίας. Η ρύθμισις αφορά πλείστους κλάδους και θα συμβάλη εις την ομαλήν λειτουργίαν των υπηρεσιών του κράτους, ως εδήλωσεν ο αρμόδιος υπουργός κατά την χθεσινήν συνέντευξιν.

ΑΘΗΝΑΙ, 15.— Κατόπιν της αποφάσεως του υπουργείου ανακοινούται ότι αι σχετικαί διατάξεις τίθενται εις εφαρμογήν από της σήμερον και οι ενδιαφερόμενοι καλούνται να υποβάλουν τα δικαιολογητικά των εις τας αρμοδίας υπηρεσίας προ της λήξεως της ταχθείσης προθεσμίας. Η ρύθμισις αφορά πλείστους κλάδους και θα συμβάλη εις την ομαλήν λειτουργίαν των υπηρεσιών του κράτους, ως εδήλωσεν ο αρμόδιος υπουργός κατά την χθεσινήν συνέντευξιν.

ΑΘΗΝΑΙ, 15.— Κατόπιν της αποφάσεως του υπουργείου ανακοινούται ότι αι σχετικαί διατάξεις τίθενται εις εφαρμογήν από της σήμερον και οι ενδιαφερόμενοι καλούνται να υποβάλουν τα δικαιολογητικά των εις τας αρμοδίας υπηρεσίας προ της λήξεως της ταχθείσης προθεσμίας. Η ρύθμισις αφορά πλείστους κλάδους και θα συμβάλη εις την ομαλήν λειτουργίαν των υπηρεσιών του κράτους, ως εδήλωσεν ο αρμόδιος υπουργός κατά την χθεσινήν συνέντευξιν.

Η ΓΕΩΠΟΝΟΔΑΣΟΛΟΓΙΚΗ

ΑΘΗΝΑΙ, 15.— Κατόπιν της αποφάσεως του υπουργείου ανακοινούται ότι αι σχετικαί διατάξεις τίθενται εις εφαρμογήν από της σήμερον και οι ενδιαφερόμενοι καλούνται να υποβάλουν τα δικαιολογητικά των εις τας αρμοδίας υπηρεσίας προ της λήξεως της ταχθείσης προθεσμίας. Η ρύθμισις αφορά πλείστους κλάδους και θα συμβάλη εις την ομαλήν λειτουργίαν των υπηρεσιών του κράτους, ως εδήλωσεν ο αρμόδιος υπουργός κατά την χθεσινήν συνέντευξιν.

ΑΘΗΝΑΙ, 15.— Κατόπιν της αποφάσεως του υπουργείου ανακοινούται ότι αι σχετικαί διατάξεις τίθενται εις εφαρμογήν από της σήμερον και οι ενδιαφερόμενοι καλούνται να υποβάλουν τα δικαιολογητικά των εις τας αρμοδίας υπηρεσίας προ της λήξεως της ταχθείσης προθεσμίας. Η ρύθμισις αφορά πλείστους κλάδους και θα συμβάλη εις την ομαλήν λειτουργίαν των υπηρεσιών του κράτους, ως εδήλωσεν ο αρμόδιος υπουργός κατά την χθεσινήν συνέντευξιν.

ΑΝΩΤΕΡΑ ΕΚΚΛΗΣΙΑΣΤΙΚΗ

ΑΘΗΝΑΙ, 15.— Κατόπιν της αποφάσεως του υπουργείου ανακοινούται ότι αι σχετικαί διατάξεις τίθενται εις εφαρμογήν από της σήμερον και οι ενδιαφερόμενοι καλούνται να υποβάλουν τα δικαιολογητικά των εις τας αρμοδίας υπηρεσίας προ της λήξεως της ταχθείσης προθεσμίας. Η ρύθμισις αφορά πλείστους κλάδους και θα συμβάλη εις την ομαλήν λειτουργίαν των υπηρεσιών του κράτους, ως εδήλωσεν ο αρμόδιος υπουργός κατά την χθεσινήν συνέντευξιν.

Η ΠΟΛΥΤΕΧΝΙΚΗ

ΑΠΕΡΓΙΑ ΓΕΩΠΟΝΩΝ

ΙΑΤΡΙΚΗ ΣΧΟΛΗ

ΑΘΗΝΑΙ, 15.— Κατόπιν της αποφάσεως του υπουργείου ανακοινούται ότι αι σχετικαί διατάξεις τίθενται εις εφαρμογήν από της σήμερον και οι ενδιαφερόμενοι καλούνται να υποβάλουν τα δικαιολογητικά των εις τας αρμοδίας υπηρεσίας προ της λήξεως της ταχθείσης προθεσμίας. Η ρύθμισις αφορά πλείστους κλάδους και θα συμβάλη εις την ομαλήν λειτουργίαν των υπηρεσιών του κράτους, ως εδήλωσεν ο αρμόδιος υπουργός κατά την χθεσινήν συνέντευξιν.

ΟΙ ΒΟΗΘΟΙ

ΟΙ ΑΛΛΟΔΑΠΟΙ

ΑΘΗΝΑΙ, 15.— Κατόπιν της αποφάσεως του υπουργείου ανακοινούται ότι αι σχετικαί διατάξεις τίθενται εις εφαρμογήν από της σήμερον και οι ενδιαφερόμενοι καλούνται να υποβάλουν τα δικαιολογητικά των εις τας αρμοδίας υπηρεσίας προ της λήξεως της ταχθείσης προθεσμίας. Η ρύθμισις αφορά πλείστους κλάδους και θα συμβάλη εις την ομαλήν λειτουργίαν των υπηρεσιών του κράτους, ως εδήλωσεν ο αρμόδιος υπουργός κατά την χθεσινήν συνέντευξιν.

ΑΠΟ 19ης ΜΕΧΡΙΣ 24ης ΟΚΤΩΒΡΙΟΥ

ΤΟ ΠΡΟΓΡΑΜΜΑ ΤΗΣ ΒΑΣΙΛΙΚΗΣ ΠΕΡΙΟΔΕΙΑΣ

ΕΙΣ ΘΡΑΚΗΝ ΚΑΙ ΑΝΑΤΟΛΙΚΗΝ ΜΑΚΕΔΟΝΙΑΝ

Η ΜΕΤΑΒΑΣΙΣ ΚΑΙ ΕΠΙΣΗΜΟΣ ΥΠΟΔΟΧΗ ΕΙΣ ΑΛΕΞΑΝΔΡΟΥΠΟΛΙΝ, ΚΟΜΟΤΗΝΗΝ, ΞΑΝΘΗΝ, ΚΑΒΑΛΑΝ, ΔΡΑΜΑΝ ΚΑΙ ΤΑΣ ΣΕΡΡΑΣ

ΑΘΗΝΑΙ, 15.— Κατόπιν της αποφάσεως του υπουργείου ανακοινούται ότι αι σχετικαί διατάξεις τίθενται εις εφαρμογήν από της σήμερον και οι ενδιαφερόμενοι καλούνται να υποβάλουν τα δικαιολογητικά των εις τας αρμοδίας υπηρεσίας προ της λήξεως της ταχθείσης προθεσμίας. Η ρύθμισις αφορά πλείστους κλάδους και θα συμβάλη εις την ομαλήν λειτουργίαν των υπηρεσιών του κράτους, ως εδήλωσεν ο αρμόδιος υπουργός κατά την χθεσινήν συνέντευξιν.

ΕΙΣ ΚΑΒΑΛΑΝ

ΑΘΗΝΑΙ, 15.— Κατόπιν της αποφάσεως του υπουργείου ανακοινούται ότι αι σχετικαί διατάξεις τίθενται εις εφαρμογήν από της σήμερον και οι ενδιαφερόμενοι καλούνται να υποβάλουν τα δικαιολογητικά των εις τας αρμοδίας υπηρεσίας προ της λήξεως της ταχθείσης προθεσμίας. Η ρύθμισις αφορά πλείστους κλάδους και θα συμβάλη εις την ομαλήν λειτουργίαν των υπηρεσιών του κράτους, ως εδήλωσεν ο αρμόδιος υπουργός κατά την χθεσινήν συνέντευξιν.

ΕΙΣ ΤΗΝ ΔΡΑΜΑΝ

ΑΘΗΝΑΙ, 15.— Κατόπιν της αποφάσεως του υπουργείου ανακοινούται ότι αι σχετικαί διατάξεις τίθενται εις εφαρμογήν από της σήμερον και οι ενδιαφερόμενοι καλούνται να υποβάλουν τα δικαιολογητικά των εις τας αρμοδίας υπηρεσίας προ της λήξεως της ταχθείσης προθεσμίας. Η ρύθμισις αφορά πλείστους κλάδους και θα συμβάλη εις την ομαλήν λειτουργίαν των υπηρεσιών του κράτους, ως εδήλωσεν ο αρμόδιος υπουργός κατά την χθεσινήν συνέντευξιν.

ΕΙΣ ΚΟΜΟΤΗΝΗΝ

ΑΘΗΝΑΙ, 15.— Κατόπιν της αποφάσεως του υπουργείου ανακοινούται ότι αι σχετικαί διατάξεις τίθενται εις εφαρμογήν από της σήμερον και οι ενδιαφερόμενοι καλούνται να υποβάλουν τα δικαιολογητικά των εις τας αρμοδίας υπηρεσίας προ της λήξεως της ταχθείσης προθεσμίας. Η ρύθμισις αφορά πλείστους κλάδους και θα συμβάλη εις την ομαλήν λειτουργίαν των υπηρεσιών του κράτους, ως εδήλωσεν ο αρμόδιος υπουργός κατά την χθεσινήν συνέντευξιν.

ΕΙΣ ΤΑΣ ΣΕΡΡΑΣ

ΑΘΗΝΑΙ, 15.— Κατόπιν της αποφάσεως του υπουργείου ανακοινούται ότι αι σχετικαί διατάξεις τίθενται εις εφαρμογήν από της σήμερον και οι ενδιαφερόμενοι καλούνται να υποβάλουν τα δικαιολογητικά των εις τας αρμοδίας υπηρεσίας προ της λήξεως της ταχθείσης προθεσμίας. Η ρύθμισις αφορά πλείστους κλάδους και θα συμβάλη εις την ομαλήν λειτουργίαν των υπηρεσιών του κράτους, ως εδήλωσεν ο αρμόδιος υπουργός κατά την χθεσινήν συνέντευξιν.

ΕΙΣ ΞΑΝΘΗΝ

ΑΘΗΝΑΙ, 15.— Κατόπιν της αποφάσεως του υπουργείου ανακοινούται ότι αι σχετικαί διατάξεις τίθενται εις εφαρμογήν από της σήμερον και οι ενδιαφερόμενοι καλούνται να υποβάλουν τα δικαιολογητικά των εις τας αρμοδίας υπηρεσίας προ της λήξεως της ταχθείσης προθεσμίας. Η ρύθμισις αφορά πλείστους κλάδους και θα συμβάλη εις την ομαλήν λειτουργίαν των υπηρεσιών του κράτους, ως εδήλωσεν ο αρμόδιος υπουργός κατά την χθεσινήν συνέντευξιν.

50.000.000 ΔΡΑΧΜΩΝ

ΔΙΑ ΤΗΝ ΑΝΑΠΤΥΞΙΝ

ΤΩΝ ΜΕΤΑΞΟΣΚΩΛΗΚΟΣ

ΚΑΛΛΙΕΡΓΕΙΩΝ

ΑΘΗΝΑΙ, 15.— Κατόπιν της αποφάσεως του υπουργείου ανακοινούται ότι αι σχετικαί διατάξεις τίθενται εις εφαρμογήν από της σήμερον και οι ενδιαφερόμενοι καλούνται να υποβάλουν τα δικαιολογητικά των εις τας αρμοδίας υπηρεσίας προ της λήξεως της ταχθείσης προθεσμίας. Η ρύθμισις αφορά πλείστους κλάδους και θα συμβάλη εις την ομαλήν λειτουργίαν των υπηρεσιών του κράτους, ως εδήλωσεν ο αρμόδιος υπουργός κατά την χθεσινήν συνέντευξιν.

Ο κ. ΛΑΜΠΡΟΥ

ΕΠΕΣΤΡΕΨΕ

ΕΚ ΤΗΣ ΔΥΣΕΩΣ

ΑΘΗΝΑΙ, 15.— Κατόπιν της αποφάσεως του υπουργείου ανακοινούται ότι αι σχετικαί διατάξεις τίθενται εις εφαρμογήν από της σήμερον και οι ενδιαφερόμενοι καλούνται να υποβάλουν τα δικαιολογητικά των εις τας αρμοδίας υπηρεσίας προ της λήξεως της ταχθείσης προθεσμίας. Η ρύθμισις αφορά πλείστους κλάδους και θα συμβάλη εις την ομαλήν λειτουργίαν των υπηρεσιών του κράτους, ως εδήλωσεν ο αρμόδιος υπουργός κατά την χθεσινήν συνέντευξιν.

ΑΠΕΡΓΕΙ ΕΙΣ ΠΕΙΡΑΙΑ

ΤΟ ΠΡΟΣΩΠΙΚΟΝ

ΚΑΠΝΟΒΙΟΜΗΧΑΝΙΩΝ

ΑΘΗΝΑΙ, 15.— Κατόπιν της αποφάσεως του υπουργείου ανακοινούται ότι αι σχετικαί διατάξεις τίθενται εις εφαρμογήν από της σήμερον και οι ενδιαφερόμενοι καλούνται να υποβάλουν τα δικαιολογητικά των εις τας αρμοδίας υπηρεσίας προ της λήξεως της ταχθείσης προθεσμίας. Η ρύθμισις αφορά πλείστους κλάδους και θα συμβάλη εις την ομαλήν λειτουργίαν των υπηρεσιών του κράτους, ως εδήλωσεν ο αρμόδιος υπουργός κατά την χθεσινήν συνέντευξιν.

ΙΣΤΟΡΙΚΗ ΜΟΝΗ

ΕΚΙΝΔΥΝΕΥΣΕΝ

ΕΚ ΠΥΡΚΑΓΙΑΣ ΔΑΣΟΥΣ

ΑΘΗΝΑΙ, 15.— Κατόπιν της αποφάσεως του υπουργείου ανακοινούται ότι αι σχετικαί διατάξεις τίθενται εις εφαρμογήν από της σήμερον και οι ενδιαφερόμενοι καλούνται να υποβάλουν τα δικαιολογητικά των εις τας αρμοδίας υπηρεσίας προ της λήξεως της ταχθείσης προθεσμίας. Η ρύθμισις αφορά πλείστους κλάδους και θα συμβάλη εις την ομαλήν λειτουργίαν των υπηρεσιών του κράτους, ως εδήλωσεν ο αρμόδιος υπουργός κατά την χθεσινήν συνέντευξιν.

ΕΙΣ ΤΗΝ ΓΕΝΙΚΗΝ ΣΥΝΕΛΕΥΣΙΝ ΤΩΝ ΦΑΡΜΑΚΟΠΟΙΩΝ

ΕΞΗΤΑΣΘΗΣΑΝ ΤΑ ΕΚΚΡΕΜΗ ΖΗΤΗΜΑΤΑ ΤΟΥ ΚΛΑΔΟΥ

ΑΘΗΝΑΙ, 15.— Κατόπιν της αποφάσεως του υπουργείου ανακοινούται ότι αι σχετικαί διατάξεις τίθενται εις εφαρμογήν από της σήμερον και οι ενδιαφερόμενοι καλούνται να υποβάλουν τα δικαιολογητικά των εις τας αρμοδίας υπηρεσίας προ της λήξεως της ταχθείσης προθεσμίας. Η ρύθμισις αφορά πλείστους κλάδους και θα συμβάλη εις την ομαλήν λειτουργίαν των υπηρεσιών του κράτους, ως εδήλωσεν ο αρμόδιος υπουργός κατά την χθεσινήν συνέντευξιν.

ΑΙΘΡΙΟΣ ΘΑ ΕΙΝΑΙ

ΣΗΜΕΡΟΝ Ο ΚΑΙΡΟΣ

ΑΘΗΝΑΙ, 15.— Κατόπιν της αποφάσεως του υπουργείου ανακοινούται ότι αι σχετικαί διατάξεις τίθενται εις εφαρμογήν από της σήμερον και οι ενδιαφερόμενοι καλούνται να υποβάλουν τα δικαιολογητικά των εις τας αρμοδίας υπηρεσίας προ της λήξεως της ταχθείσης προθεσμίας. Η ρύθμισις αφορά πλείστους κλάδους και θα συμβάλη εις την ομαλήν λειτουργίαν των υπηρεσιών του κράτους, ως εδήλωσεν ο αρμόδιος υπουργός κατά την χθεσινήν συνέντευξιν.

ΜΙΚΡΑΙ ΕΓΧΩΡΙΑΙ ΕΙΔΗΣΕΙΣ ΧΩΡΙΣ ΤΙΤΛΟΝ

ΑΘΗΝΑΙ, 15.— Κατόπιν της αποφάσεως του υπουργείου ανακοινούται ότι αι σχετικαί διατάξεις τίθενται εις εφαρμογήν από της σήμερον και οι ενδιαφερόμενοι καλούνται να υποβάλουν τα δικαιολογητικά των εις τας αρμοδίας υπηρεσίας προ της λήξεως της ταχθείσης προθεσμίας. Η ρύθμισις αφορά πλείστους κλάδους και θα συμβάλη εις την ομαλήν λειτουργίαν των υπηρεσιών του κράτους, ως εδήλωσεν ο αρμόδιος υπουργός κατά την χθεσινήν συνέντευξιν.

ΣΤΡΑΤΙΩΤΙΚΑΙ ΣΥΣΚΕΨΕΙΣ

ΑΞΙΩΜΑΤΙΚΩΝ ΔΙΟΙΚΗΣΕΩΝ

ΑΘΗΝΑΙ, 15.— Κατόπιν της αποφάσεως του υπουργείου ανακοινούται ότι αι σχετικαί διατάξεις τίθενται εις εφαρμογήν από της σήμερον και οι ενδιαφερόμενοι καλούνται να υποβάλουν τα δικαιολογητικά των εις τας αρμοδίας υπηρεσίας προ της λήξεως της ταχθείσης προθεσμίας. Η ρύθμισις αφορά πλείστους κλάδους και θα συμβάλη εις την ομαλήν λειτουργίαν των υπηρεσιών του κράτους, ως εδήλωσεν ο αρμόδιος υπουργός κατά την χθεσινήν συνέντευξιν.

ΛΑΧΕΙΟΦΟΡΟΝ ΔΑΝΕΙΟΝ ΥΨΟΥΣ 600.000.000 ΔΡΑΧΜΩΝ

ΘΑ ΕΚΔΟΘΗ ΠΙΘΑΝΩΤΑΤΑ ΕΝΤΟΣ ΤΟΥ ΝΟΕΜΒΡΙΟΥ

ΠΡΟΣ ΧΡΗΜΑΤΟΔΟΤΗΣΙΝ ΤΩΝ ΔΗΜΟΣΙΩΝ ΕΠΕΝΔΥΣΕΩΝ

ΑΘΗΝΑΙ, 15.— Κατόπιν της αποφάσεως του υπουργείου ανακοινούται ότι αι σχετικαί διατάξεις τίθενται εις εφαρμογήν από της σήμερον και οι ενδιαφερόμενοι καλούνται να υποβάλουν τα δικαιολογητικά των εις τας αρμοδίας υπηρεσίας προ της λήξεως της ταχθείσης προθεσμίας. Η ρύθμισις αφορά πλείστους κλάδους και θα συμβάλη εις την ομαλήν λειτουργίαν των υπηρεσιών του κράτους, ως εδήλωσεν ο αρμόδιος υπουργός κατά την χθεσινήν συνέντευξιν.

ΑΘΗΝΑΙ, 15.— Κατόπιν της αποφάσεως του υπουργείου ανακοινούται ότι αι σχετικαί διατάξεις τίθενται εις εφαρμογήν από της σήμερον και οι ενδιαφερόμενοι καλούνται να υποβάλουν τα δικαιολογητικά των εις τας αρμοδίας υπηρεσίας προ της λήξεως της ταχθείσης προθεσμίας. Η ρύθμισις αφορά πλείστους κλάδους και θα συμβάλη εις την ομαλήν λειτουργίαν των υπηρεσιών του κράτους, ως εδήλωσεν ο αρμόδιος υπουργός κατά την χθεσινήν συνέντευξιν.

ΧΡΗΜΑΤΟΔΟΤΟΥΝΤΑΙ

Η ΑΤΕ ΚΑΙ Η ΚΥΔΕΠ

ΔΙΑ ΤΗΝ ΧΟΡΗΓΗΣΙΝ

ΔΑΝΕΙΩΝ ΚΑΙ ΠΡΙΜ

ΑΘΗΝΑΙ, 15.— Κατόπιν της αποφάσεως του υπουργείου ανακοινούται ότι αι σχετικαί διατάξεις τίθενται εις εφαρμογήν από της σήμερον και οι ενδιαφερόμενοι καλούνται να υποβάλουν τα δικαιολογητικά των εις τας αρμοδίας υπηρεσίας προ της λήξεως της ταχθείσης προθεσμίας. Η ρύθμισις αφορά πλείστους κλάδους και θα συμβάλη εις την ομαλήν λειτουργίαν των υπηρεσιών του κράτους, ως εδήλωσεν ο αρμόδιος υπουργός κατά την χθεσινήν συνέντευξιν.

Ο κ. ΝΤΕ ΓΚΟΛ ΤΕΡΜΑΤΙΖΕΙ ΤΗΝ ΠΕΡΙΟΔΕΙΑΝ ΤΟΥ

ΕΙΣ ΔΕΚΑ ΧΩΡΑΣ ΤΗΣ ΛΑΤΙΝΙΚΗΣ ΑΜΕΡΙΚΗΣ

ΕΠΙΣΤΡΕΦΕΙ ΣΗΜΕΡΟΝ ΑΕΡΟΠΟΡΙΚΩΣ ΕΙΣ ΤΟ ΠΑΡΙΣΙ

ΑΘΗΝΑΙ, 15.— Κατόπιν της αποφάσεως του υπουργείου ανακοινούται ότι αι σχετικαί διατάξεις τίθενται εις εφαρμογήν από της σήμερον και οι ενδιαφερόμενοι καλούνται να υποβάλουν τα δικαιολογητικά των εις τας αρμοδίας υπηρεσίας προ της λήξεως της ταχθείσης προθεσμίας. Η ρύθμισις αφορά πλείστους κλάδους και θα συμβάλη εις την ομαλήν λειτουργίαν των υπηρεσιών του κράτους, ως εδήλωσεν ο αρμόδιος υπουργός κατά την χθεσινήν συνέντευξιν.

ΑΘΗΝΑΙ, 15.— Κατόπιν της αποφάσεως του υπουργείου ανακοινούται ότι αι σχετικαί διατάξεις τίθενται εις εφαρμογήν από της σήμερον και οι ενδιαφερόμενοι καλούνται να υποβάλουν τα δικαιολογητικά των εις τας αρμοδίας υπηρεσίας προ της λήξεως της ταχθείσης προθεσμίας. Η ρύθμισις αφορά πλείστους κλάδους και θα συμβάλη εις την ομαλήν λειτουργίαν των υπηρεσιών του κράτους, ως εδήλωσεν ο αρμόδιος υπουργός κατά την χθεσινήν συνέντευξιν.

ΑΘΗΝΑΙ, 15.— Κατόπιν της αποφάσεως του υπουργείου ανακοινούται ότι αι σχετικαί διατάξεις τίθενται εις εφαρμογήν από της σήμερον και οι ενδιαφερόμενοι καλούνται να υποβάλουν τα δικαιολογητικά των εις τας αρμοδίας υπηρεσίας προ της λήξεως της ταχθείσης προθεσμίας. Η ρύθμισις αφορά πλείστους κλάδους και θα συμβάλη εις την ομαλήν λειτουργίαν των υπηρεσιών του κράτους, ως εδήλωσεν ο αρμόδιος υπουργός κατά την χθεσινήν συνέντευξιν.

Η ΝΟΜΙΜΟΠΟΙΗΣΙΣ

ΤΩΝ ΑΥΘΑΙΡΕΤΩΝ

ΚΤΙΣΜΑΤΩΝ ΛΑΡΙΣΗΣ

ΑΘΗΝΑΙ, 15.— Κατόπιν της αποφάσεως του υπουργείου ανακοινούται ότι αι σχετικαί διατάξεις τίθενται εις εφαρμογήν από της σήμερον και οι ενδιαφερόμενοι καλούνται να υποβάλουν τα δικαιολογητικά των εις τας αρμοδίας υπηρεσίας προ της λήξεως της ταχθείσης προθεσμίας. Η ρύθμισις αφορά πλείστους κλάδους και θα συμβάλη εις την ομαλήν λειτουργίαν των υπηρεσιών του κράτους, ως εδήλωσεν ο αρμόδιος υπουργός κατά την χθεσινήν συνέντευξιν.

ΠΡΟΑΓΟΝΤΑΙ ΕΙΣ ΔΗΜΟΥΣ

ΑΙ ΚΟΙΝΟΤΗΤΕΣ ΙΕΡΙΣΣΟΥ

ΚΑΙ ΚΑΣΣΑΝΔΡΑΣ

ΑΘΗΝΑΙ, 15.— Κατόπιν της αποφάσεως του υπουργείου ανακοινούται ότι αι σχετικαί διατάξεις τίθενται εις εφαρμογήν από της σήμερον και οι ενδιαφερόμενοι καλούνται να υποβάλουν τα δικαιολογητικά των εις τας αρμοδίας υπηρεσίας προ της λήξεως της ταχθείσης προθεσμίας. Η ρύθμισις αφορά πλείστους κλάδους και θα συμβάλη εις την ομαλήν λειτουργίαν των υπηρεσιών του κράτους, ως εδήλωσεν ο αρμόδιος υπουργός κατά την χθεσινήν συνέντευξιν.

ΠΑΡ' ΟΛΙΓΟΝ ΘΥΜΑ ΤΡΟΧΑΙΟΥ ΔΥΣΤΥΧΗΜΑΤΟΣ

Ο ΑΓΓΛΟΣ ΑΣΣΟΣ ΤΟΥ ΒΟΛΑΝ ΜΠΡΗΝΤΑΜ

Ο ΚΑΤΑΡΡΙΨΑΣ ΤΟ ΔΙΕΘΝΕΣ ΡΕΚΟΡ ΤΑΧΥΤΗΤΟΣ

ΑΘΗΝΑΙ, 15.— Κατόπιν της αποφάσεως του υπουργείου ανακοινούται ότι αι σχετικαί διατάξεις τίθενται εις εφαρμογήν από της σήμερον και οι ενδιαφερόμενοι καλούνται να υποβάλουν τα δικαιολογητικά των εις τας αρμοδίας υπηρεσίας προ της λήξεως της ταχθείσης προθεσμίας. Η ρύθμισις αφορά πλείστους κλάδους και θα συμβάλη εις την ομαλήν λειτουργίαν των υπηρεσιών του κράτους, ως εδήλωσεν ο αρμόδιος υπουργός κατά την χθεσινήν συνέντευξιν.

ΑΘΗΝΑΙ, 15.— Κατόπιν της αποφάσεως του υπουργείου ανακοινούται ότι αι σχετικαί διατάξεις τίθενται εις εφαρμογήν από της σήμερον και οι ενδιαφερόμενοι καλούνται να υποβάλουν τα δικαιολογητικά των εις τας αρμοδίας υπηρεσίας προ της λήξεως της ταχθείσης προθεσμίας. Η ρύθμισις αφορά πλείστους κλάδους και θα συμβάλη εις την ομαλήν λειτουργίαν των υπηρεσιών του κράτους, ως εδήλωσεν ο αρμόδιος υπουργός κατά την χθεσινήν συνέντευξιν.

ΒΟΥΛΓΑΡΟΙ ΚΑΘΗΓΗΤΑΙ

ΤΗΣ ΦΑΡΜΑΚΕΥΤΙΚΗΣ

ΦΘΑΝΟΥΝ ΣΗΜΕΡΟΝ

ΕΙΣ ΤΑΣ ΑΘΗΝΑΣ

ΑΘΗΝΑΙ, 15.— Κατόπιν της αποφάσεως του υπουργείου ανακοινούται ότι αι σχετικαί διατάξεις τίθενται εις εφαρμογήν από της σήμερον και οι ενδιαφερόμενοι καλούνται να υποβάλουν τα δικαιολογητικά των εις τας αρμοδίας υπηρεσίας προ της λήξεως της ταχθείσης προθεσμίας. Η ρύθμισις αφορά πλείστους κλάδους και θα συμβάλη εις την ομαλήν λειτουργίαν των υπηρεσιών του κράτους, ως εδήλωσεν ο αρμόδιος υπουργός κατά την χθεσινήν συνέντευξιν.

ΠΡΟΑΓΩΓΑΙ ΣΧΟΛΕΙΩΝ

ΤΟΥ ΝΟΜΟΥ ΔΡΑΜΑΣ

ΑΘΗΝΑΙ, 15.— Κατόπιν της αποφάσεως του υπουργείου ανακοινούται ότι αι σχετικαί διατάξεις τίθενται εις εφαρμογήν από της σήμερον και οι ενδιαφερόμενοι καλούνται να υποβάλουν τα δικαιολογητικά των εις τας αρμοδίας υπηρεσίας προ της λήξεως της ταχθείσης προθεσμίας. Η ρύθμισις αφορά πλείστους κλάδους και θα συμβάλη εις την ομαλήν λειτουργίαν των υπηρεσιών του κράτους, ως εδήλωσεν ο αρμόδιος υπουργός κατά την χθεσινήν συνέντευξιν.

Ο ΚΕΝΝΕΝΤΥ ΑΠΕΚΛΕΙΣΕΝ ΑΠΟΒΑΣΙΝ ΕΙΣ ΚΟΥΒΑΝ

ΔΙΑ ΝΑ ΑΠΟΦΥΓΗ ΤΟΥΣ ΒΟΜΒΑΡΔΙΣΜΟΥΣ

ΚΑΙ ΤΗΝ ΑΠΩΛΕΙΑΝ ΠΛΕΟΝ ΤΩΝ 25.000 ΠΟΛΙΤΩΝ

ΑΘΗΝΑΙ, 15.— Κατόπιν της αποφάσεως του υπουργείου ανακοινούται ότι αι σχετικαί διατάξεις τίθενται εις εφαρμογήν από της σήμερον και οι ενδιαφερόμενοι καλούνται να υποβάλουν τα δικαιολογητικά των εις τας αρμοδίας υπηρεσίας προ της λήξεως της ταχθείσης προθεσμίας. Η ρύθμισις αφορά πλείστους κλάδους και θα συμβάλη εις την ομαλήν λειτουργίαν των υπηρεσιών του κράτους, ως εδήλωσεν ο αρμόδιος υπουργός κατά την χθεσινήν συνέντευξιν.

ΑΘΗΝΑΙ, 15.— Κατόπιν της αποφάσεως του υπουργείου ανακοινούται ότι αι σχετικαί διατάξεις τίθενται εις εφαρμογήν από της σήμερον και οι ενδιαφερόμενοι καλούνται να υποβάλουν τα δικαιολογητικά των εις τας αρμοδίας υπηρεσίας προ της λήξεως της ταχθείσης προθεσμίας. Η ρύθμισις αφορά πλείστους κλάδους και θα συμβάλη εις την ομαλήν λειτουργίαν των υπηρεσιών του κράτους, ως εδήλωσεν ο αρμόδιος υπουργός κατά την χθεσινήν συνέντευξιν.

ΑΘΗΝΑΙ, 15.— Κατόπιν της αποφάσεως του υπουργείου ανακοινούται ότι αι σχετικαί διατάξεις τίθενται εις εφαρμογήν από της σήμερον και οι ενδιαφερόμενοι καλούνται να υποβάλουν τα δικαιολογητικά των εις τας αρμοδίας υπηρεσίας προ της λήξεως της ταχθείσης προθεσμίας. Η ρύθμισις αφορά πλείστους κλάδους και θα συμβάλη εις την ομαλήν λειτουργίαν των υπηρεσιών του κράτους, ως εδήλωσεν ο αρμόδιος υπουργός κατά την χθεσινήν συνέντευξιν.

ΕΘΝΙΚΟΙ ΜΕ ΑΝΑΦΙΑΣΤΑ

ΕΙΣ ΤΟ ΝΕΚΡΟΤΑΦΕΙΟΝ

ΚΑΙ ΕΤΡΟΜΑΞΕΝ Ο ΦΥΛΑΞ

ΑΘΗΝΑΙ, 15.— Κατόπιν της αποφάσεως του υπουργείου ανακοινούται ότι αι σχετικαί διατάξεις τίθενται εις εφαρμογήν από της σήμερον και οι ενδιαφερόμενοι καλούνται να υποβάλουν τα δικαιολογητικά των εις τας αρμοδίας υπηρεσίας προ της λήξεως της ταχθείσης προθεσμίας. Η ρύθμισις αφορά πλείστους κλάδους και θα συμβάλη εις την ομαλήν λειτουργίαν των υπηρεσιών του κράτους, ως εδήλωσεν ο αρμόδιος υπουργός κατά την χθεσινήν συνέντευξιν.

ΘΑ ΑΣΦΑΛΤΟΣΤΡΩΘΟΥΝ

ΑΙ ΚΕΝΤΡΙΚΑΙ ΟΔΟΙ

ΝΕΑΣ ΚΑΙ ΠΑΛΑΙΑΣ ΠΕΛΛΗΣ

ΑΘΗΝΑΙ, 15.— Κατόπιν της αποφάσεως του υπουργείου ανακοινούται ότι αι σχετικαί διατάξεις τίθενται εις εφαρμογήν από της σήμερον και οι ενδιαφερόμενοι καλούνται να υποβάλουν τα δικαιολογητικά των εις τας αρμοδίας υπηρεσίας προ της λήξεως της ταχθείσης προθεσμίας. Η ρύθμισις αφορά πλείστους κλάδους και θα συμβάλη εις την ομαλήν λειτουργίαν των υπηρεσιών του κράτους, ως εδήλωσεν ο αρμόδιος υπουργός κατά την χθεσινήν συνέντευξιν.

ΗΡΧΙΣΑΝ ΕΙΣ ΤΗΝ ΤΕΧΕΡΑΝΗΝ ΑΙ ΣΥΝΟΜΙΛΙΑΙ

ΜΕΤΑΞΥ ΤΟΥΡΚΙΑΣ, ΠΑΚΙΣΤΑΝ ΚΑΙ ΠΕΡΣΙΑΣ

ΔΙΑ ΤΗΝ ΟΙΚΟΝΟΜΙΚΗΝ ΤΩΝ ΑΝΑΠΤΥΞΙΝ

ΑΘΗΝΑΙ, 15.— Κατόπιν της αποφάσεως του υπουργείου ανακοινούται ότι αι σχετικαί διατάξεις τίθενται εις εφαρμογήν από της σήμερον και οι ενδιαφερόμενοι καλούνται να υποβάλουν τα δικαιολογητικά των εις τας αρμοδίας υπηρεσίας προ της λήξεως της ταχθείσης προθεσμίας. Η ρύθμισις αφορά πλείστους κλάδους και θα συμβάλη εις την ομαλήν λειτουργίαν των υπηρεσιών του κράτους, ως εδήλωσεν ο αρμόδιος υπουργός κατά την χθεσινήν συνέντευξιν.

ΑΘΗΝΑΙ, 15.— Κατόπιν της αποφάσεως του υπουργείου ανακοινούται ότι αι σχετικαί διατάξεις τίθενται εις εφαρμογήν από της σήμερον και οι ενδιαφερόμενοι καλούνται να υποβάλουν τα δικαιολογητικά των εις τας αρμοδίας υπηρεσίας προ της λήξεως της ταχθείσης προθεσμίας. Η ρύθμισις αφορά πλείστους κλάδους και θα συμβάλη εις την ομαλήν λειτουργίαν των υπηρεσιών του κράτους, ως εδήλωσεν ο αρμόδιος υπουργός κατά την χθεσινήν συνέντευξιν.

Ο κ. ΝΤΕ ΒΑΛΕΡΑ ΕΩΡΤΑΣΕ

ΤΗΝ 82ΑΝ ΕΠΕΤΕΙΟΝ

ΤΩΝ ΓΕΝΕΘΛΙΩΝ ΤΟΥ

ΑΘΗΝΑΙ, 15.— Κατόπιν της αποφάσεως του υπουργείου ανακοινούται ότι αι σχετικαί διατάξεις τίθενται εις εφαρμογήν από της σήμερον και οι ενδιαφερόμενοι καλούνται να υποβάλουν τα δικαιολογητικά των εις τας αρμοδίας υπηρεσίας προ της λήξεως της ταχθείσης προθεσμίας. Η ρύθμισις αφορά πλείστους κλάδους και θα συμβάλη εις την ομαλήν λειτουργίαν των υπηρεσιών του κράτους, ως εδήλωσεν ο αρμόδιος υπουργός κατά την χθεσινήν συνέντευξιν.

ΑΜΕΡΙΚΑΝΙΚΟΝ ΕΡΓΟΣΤΑΣΙΟΝ

ΕΛΑΣΤΙΚΩΝ

ΕΙΣ ΤΗΝ ΤΟΥΡΚΙΑΝ

ΑΘΗΝΑΙ, 15.— Κατόπιν της αποφάσεως του υπουργείου ανακοινούται ότι αι σχετικαί διατάξεις τίθενται εις εφαρμογήν από της σήμερον και οι ενδιαφερόμενοι καλούνται να υποβάλουν τα δικαιολογητικά των εις τας αρμοδίας υπηρεσίας προ της λήξεως της ταχθείσης προθεσμίας. Η ρύθμισις αφορά πλείστους κλάδους και θα συμβάλη εις την ομαλήν λειτουργίαν των υπηρεσιών του κράτους, ως εδήλωσεν ο αρμόδιος υπουργός κατά την χθεσινήν συνέντευξιν.

ΟΙ ΑΝΤΙΠΡΟΣΩΠΟΙ ΤΩΝ ΔΥΤΙΚΩΝ ΑΠΕΧΩΡΗΣΑΝ

ΤΗΣ ΔΙΑΣΚΕΨΕΩΣ ΔΙΑ ΤΗΛΕΠΙΚΟΙΝΩΝΙΑΣ

ΑΘΗΝΑΙ, 15.— Κατόπιν της αποφάσεως του υπουργείου ανακοινούται ότι αι σχετικαί διατάξεις τίθενται εις εφαρμογήν από της σήμερον και οι ενδιαφερόμενοι καλούνται να υποβάλουν τα δικαιολογητικά των εις τας αρμοδίας υπηρεσίας προ της λήξεως της ταχθείσης προθεσμίας. Η ρύθμισις αφορά πλείστους κλάδους και θα συμβάλη εις την ομαλήν λειτουργίαν των υπηρεσιών του κράτους, ως εδήλωσεν ο αρμόδιος υπουργός κατά την χθεσινήν συνέντευξιν.
